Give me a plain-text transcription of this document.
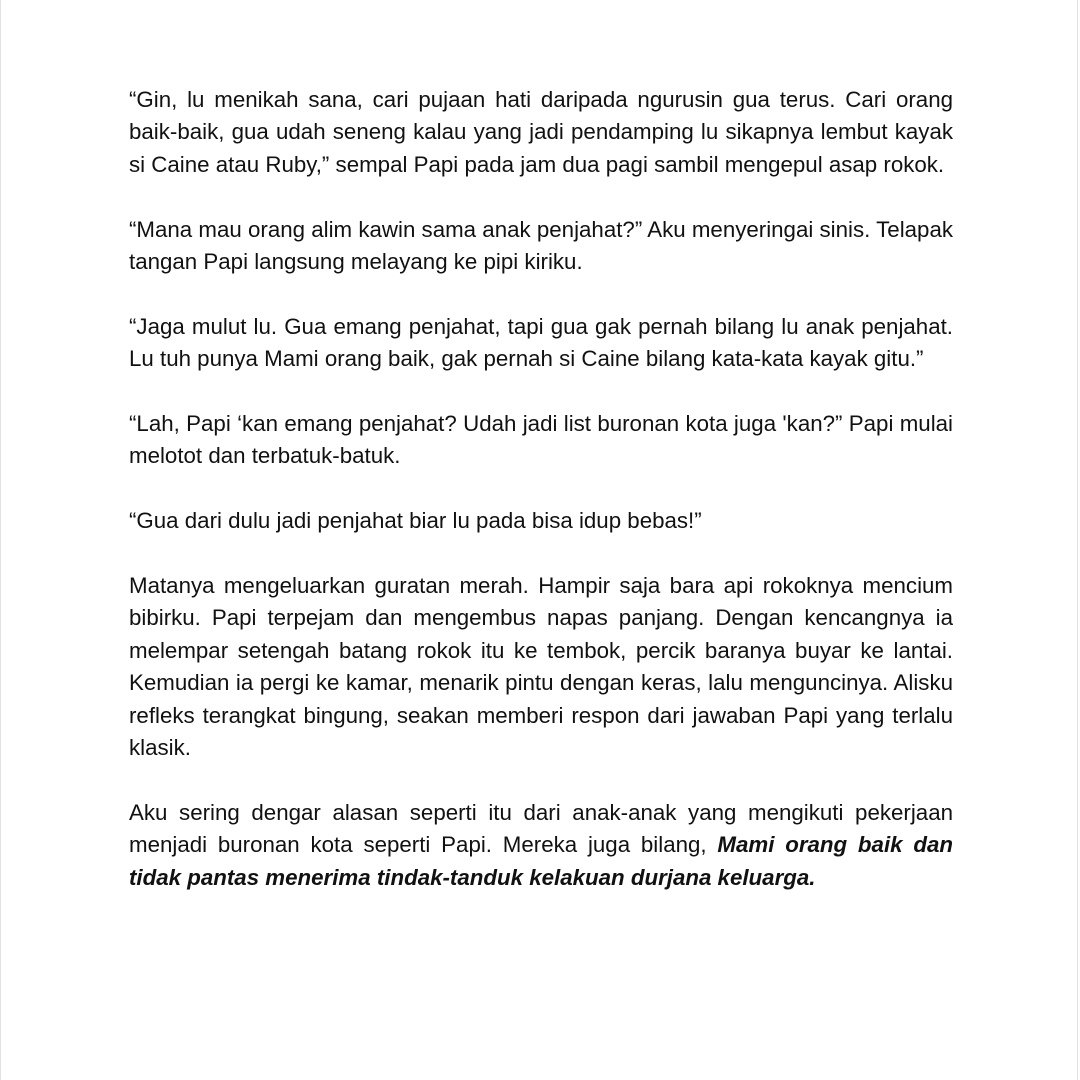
“Gin, lu menikah sana, cari pujaan hati daripada ngurusin gua terus. Cari orang baik-baik, gua udah seneng kalau yang jadi pendamping lu sikapnya lembut kayak si Caine atau Ruby,” sempal Papi pada jam dua pagi sambil mengepul asap rokok.

“Mana mau orang alim kawin sama anak penjahat?” Aku menyeringai sinis. Telapak tangan Papi langsung melayang ke pipi kiriku.

“Jaga mulut lu. Gua emang penjahat, tapi gua gak pernah bilang lu anak penjahat. Lu tuh punya Mami orang baik, gak pernah si Caine bilang kata-kata kayak gitu.”

“Lah, Papi ‘kan emang penjahat? Udah jadi list buronan kota juga 'kan?” Papi mulai melotot dan terbatuk-batuk.

“Gua dari dulu jadi penjahat biar lu pada bisa idup bebas!”

Matanya mengeluarkan guratan merah. Hampir saja bara api rokoknya mencium bibirku. Papi terpejam dan mengembus napas panjang. Dengan kencangnya ia melempar setengah batang rokok itu ke tembok, percik baranya buyar ke lantai. Kemudian ia pergi ke kamar, menarik pintu dengan keras, lalu menguncinya. Alisku refleks terangkat bingung, seakan memberi respon dari jawaban Papi yang terlalu klasik.

Aku sering dengar alasan seperti itu dari anak-anak yang mengikuti pekerjaan menjadi buronan kota seperti Papi. Mereka juga bilang, Mami orang baik dan tidak pantas menerima tindak-tanduk kelakuan durjana keluarga.
